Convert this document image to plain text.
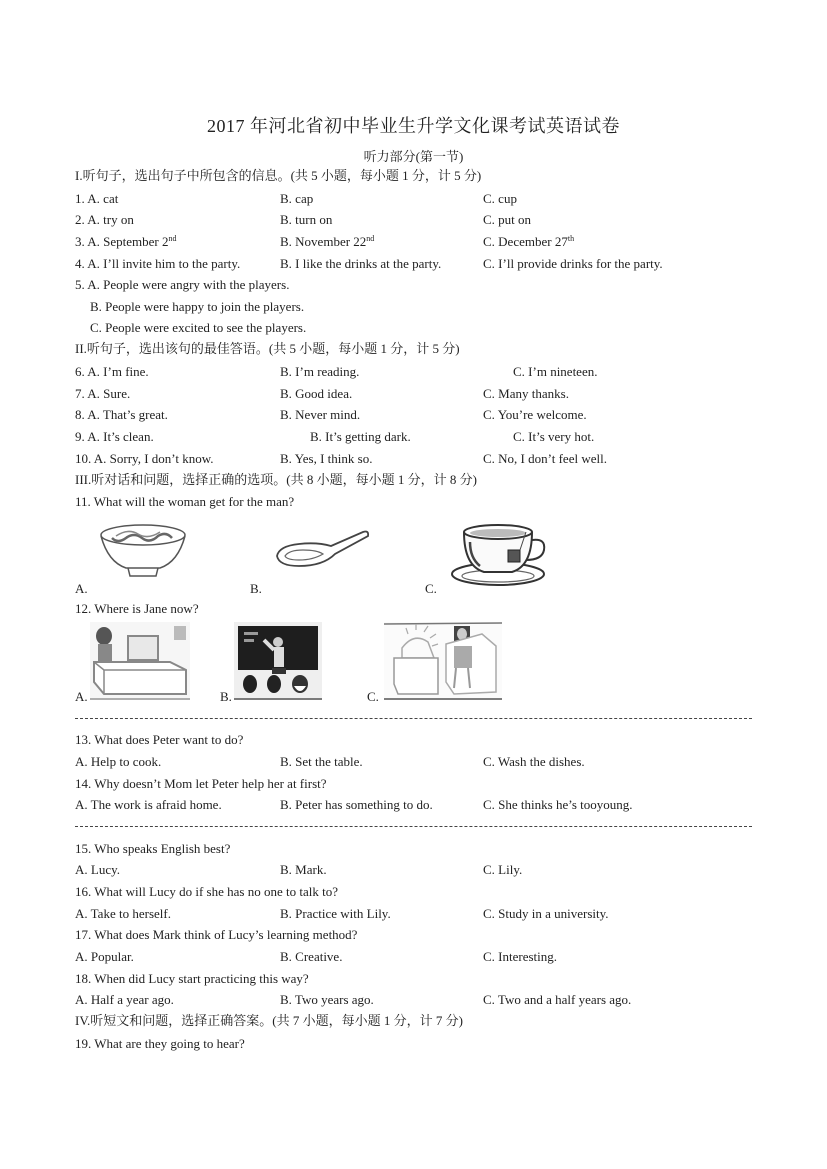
2017 年河北省初中毕业生升学文化课考试英语试卷
听力部分(第一节)
I.听句子，选出句子中所包含的信息。(共 5 小题，每小题 1 分，计 5 分)
1. A. cat	B. cap	C. cup
2. A. try on	B. turn on	C. put on
3. A. September 2nd	B. November 22nd	C. December 27th
4. A. I’ll invite him to the party.	B. I like the drinks at the party.	C. I’ll provide drinks for the party.
5. A. People were angry with the players.
B. People were happy to join the players.
C. People were excited to see the players.
II.听句子，选出该句的最佳答语。(共 5 小题，每小题 1 分，计 5 分)
6. A. I’m fine.	B. I’m reading.	C. I’m nineteen.
7. A. Sure.	B. Good idea.	C. Many thanks.
8. A. That’s great.	B. Never mind.	C. You’re welcome.
9. A. It’s clean.	B. It’s getting dark.	C. It’s very hot.
10. A. Sorry, I don’t know.	B. Yes, I think so.	C. No, I don’t feel well.
III.听对话和问题，选择正确的选项。(共 8 小题，每小题 1 分，计 8 分)
11. What will the woman get for the man?
A.	B.	C.
12. Where is Jane now?
A.	B.	C.
13. What does Peter want to do?
A. Help to cook.	B. Set the table.	C. Wash the dishes.
14. Why doesn’t Mom let Peter help her at first?
A. The work is afraid home.	B. Peter has something to do.	C. She thinks he’s tooyoung.
15. Who speaks English best?
A. Lucy.	B. Mark.	C. Lily.
16. What will Lucy do if she has no one to talk to?
A. Take to herself.	B. Practice with Lily.	C. Study in a university.
17. What does Mark think of Lucy’s learning method?
A. Popular.	B. Creative.	C. Interesting.
18. When did Lucy start practicing this way?
A. Half a year ago.	B. Two years ago.	C. Two and a half years ago.
IV.听短文和问题，选择正确答案。(共 7 小题，每小题 1 分，计 7 分)
19. What are they going to hear?
